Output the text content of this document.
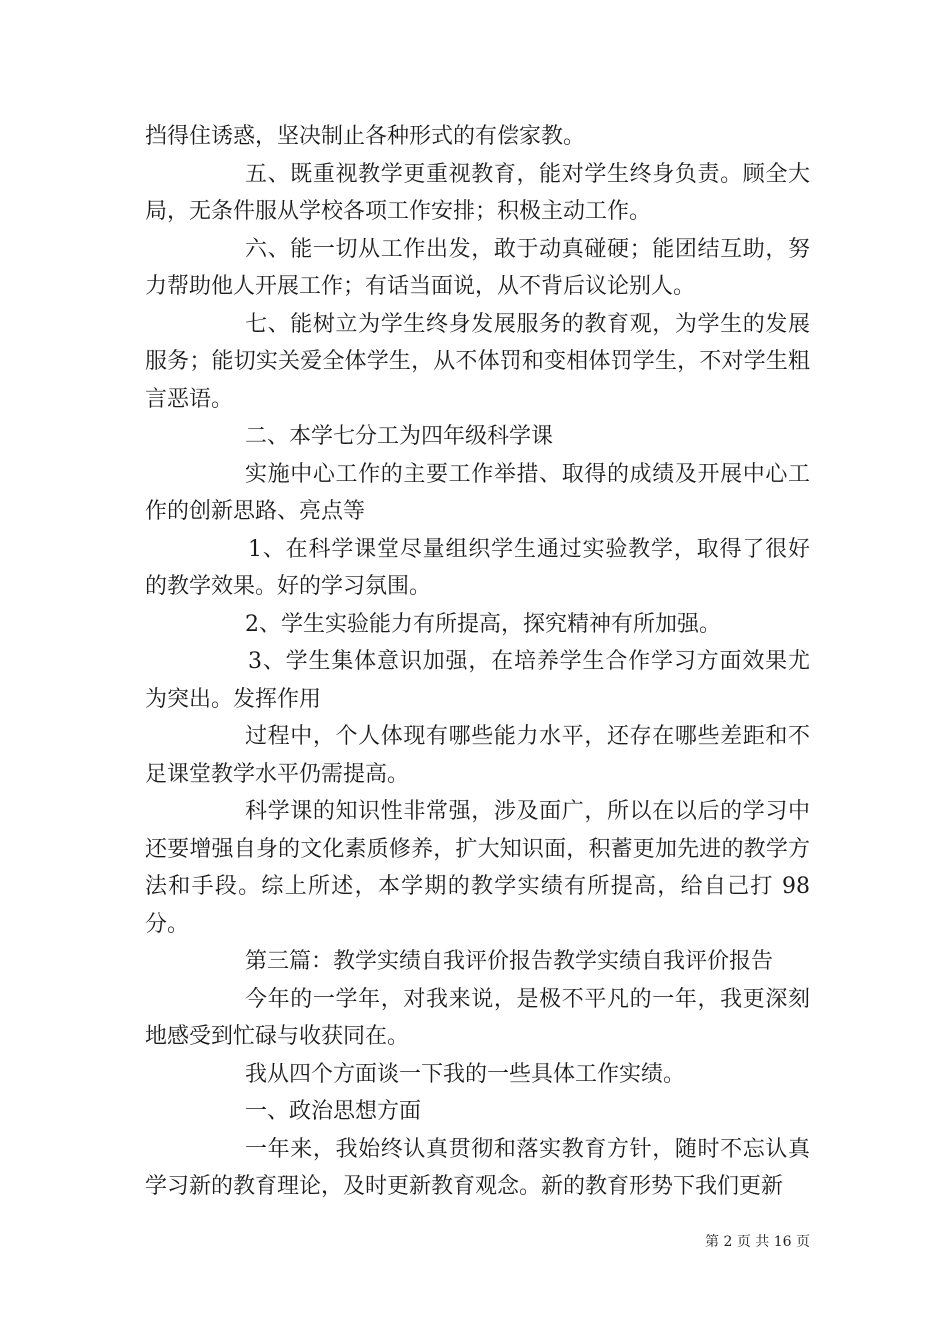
挡得住诱惑，坚决制止各种形式的有偿家教。

五、既重视教学更重视教育，能对学生终身负责。顾全大局，无条件服从学校各项工作安排；积极主动工作。

六、能一切从工作出发，敢于动真碰硬；能团结互助，努力帮助他人开展工作；有话当面说，从不背后议论别人。

七、能树立为学生终身发展服务的教育观，为学生的发展服务；能切实关爱全体学生，从不体罚和变相体罚学生，不对学生粗言恶语。

二、本学七分工为四年级科学课

实施中心工作的主要工作举措、取得的成绩及开展中心工作的创新思路、亮点等

1、在科学课堂尽量组织学生通过实验教学，取得了很好的教学效果。好的学习氛围。

2、学生实验能力有所提高，探究精神有所加强。

3、学生集体意识加强，在培养学生合作学习方面效果尤为突出。发挥作用

过程中，个人体现有哪些能力水平，还存在哪些差距和不足课堂教学水平仍需提高。

科学课的知识性非常强，涉及面广，所以在以后的学习中还要增强自身的文化素质修养，扩大知识面，积蓄更加先进的教学方法和手段。综上所述，本学期的教学实绩有所提高，给自己打 98 分。

第三篇：教学实绩自我评价报告教学实绩自我评价报告

今年的一学年，对我来说，是极不平凡的一年，我更深刻地感受到忙碌与收获同在。

我从四个方面谈一下我的一些具体工作实绩。

一、政治思想方面

一年来，我始终认真贯彻和落实教育方针，随时不忘认真学习新的教育理论，及时更新教育观念。新的教育形势下我们更新

第 2 页 共 16 页
